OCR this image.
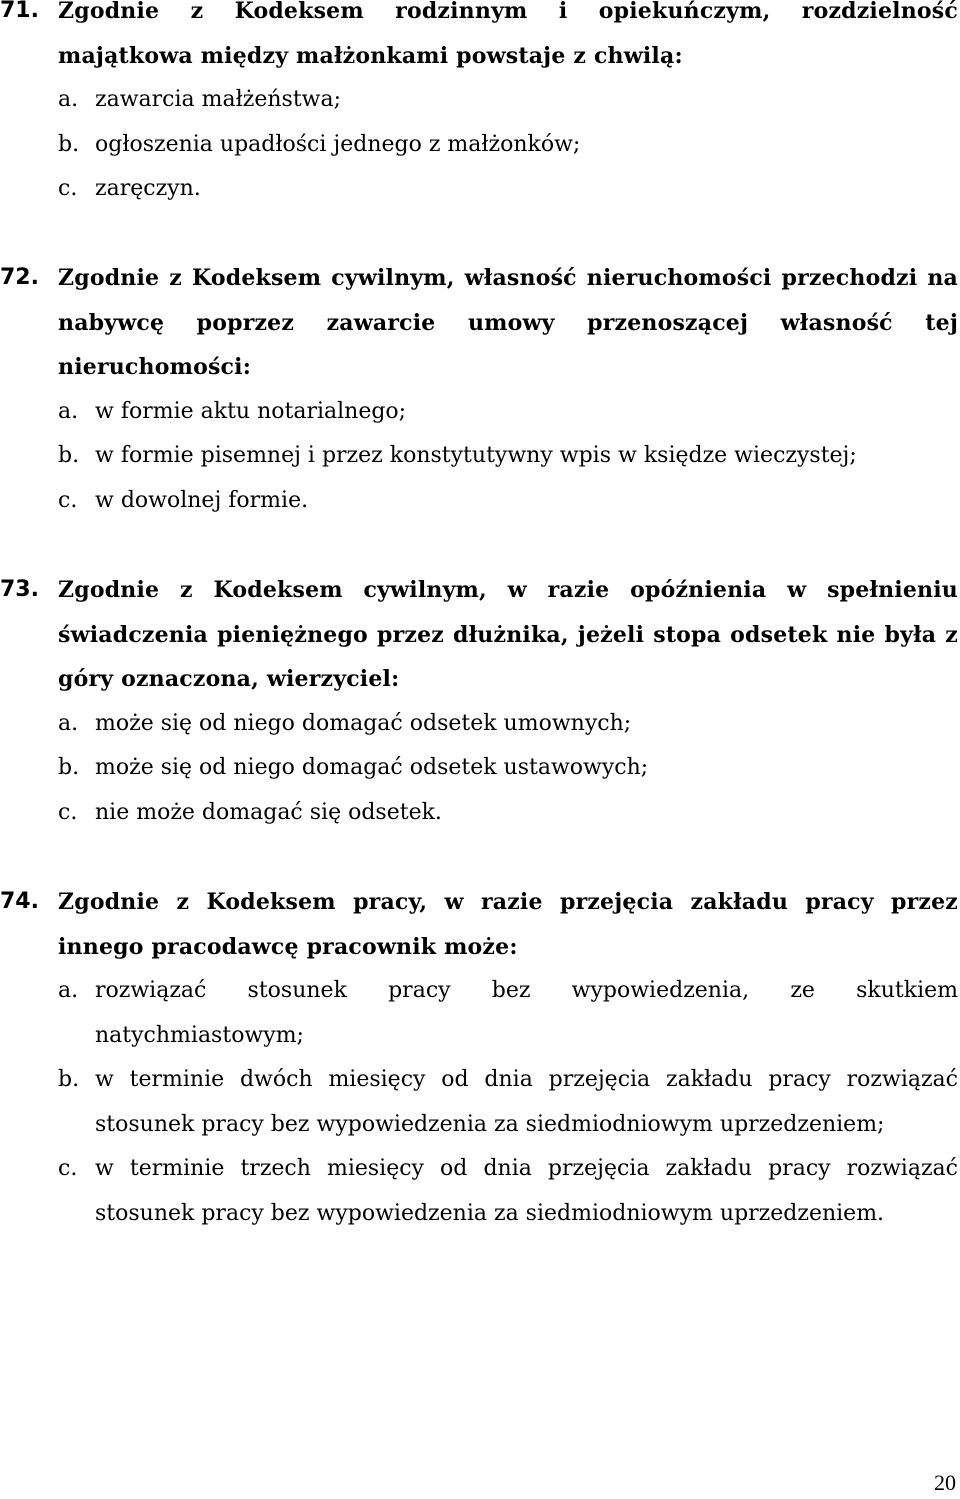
71. Zgodnie z Kodeksem rodzinnym i opiekuńczym, rozdzielność majątkowa między małżonkami powstaje z chwilą:
a. zawarcia małżeństwa;
b. ogłoszenia upadłości jednego z małżonków;
c. zaręczyn.
72. Zgodnie z Kodeksem cywilnym, własność nieruchomości przechodzi na nabywcę poprzez zawarcie umowy przenoszącej własność tej nieruchomości:
a. w formie aktu notarialnego;
b. w formie pisemnej i przez konstytutywny wpis w księdze wieczystej;
c. w dowolnej formie.
73. Zgodnie z Kodeksem cywilnym, w razie opóźnienia w spełnieniu świadczenia pieniężnego przez dłużnika, jeżeli stopa odsetek nie była z góry oznaczona, wierzyciel:
a. może się od niego domagać odsetek umownych;
b. może się od niego domagać odsetek ustawowych;
c. nie może domagać się odsetek.
74. Zgodnie z Kodeksem pracy, w razie przejęcia zakładu pracy przez innego pracodawcę pracownik może:
a. rozwiązać stosunek pracy bez wypowiedzenia, ze skutkiem natychmiastowym;
b. w terminie dwóch miesięcy od dnia przejęcia zakładu pracy rozwiązać stosunek pracy bez wypowiedzenia za siedmiodniowym uprzedzeniem;
c. w terminie trzech miesięcy od dnia przejęcia zakładu pracy rozwiązać stosunek pracy bez wypowiedzenia za siedmiodniowym uprzedzeniem.
20
